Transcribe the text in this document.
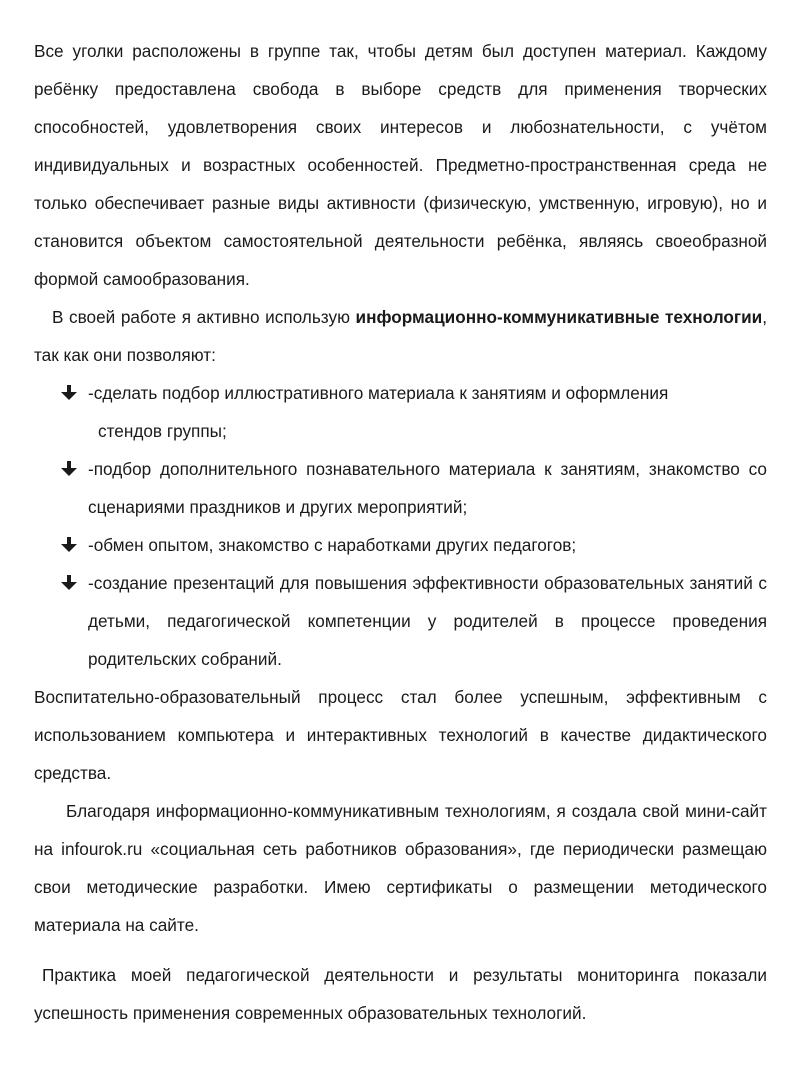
Все уголки расположены в группе так, чтобы детям был доступен материал. Каждому ребёнку предоставлена свобода в выборе средств для применения творческих способностей, удовлетворения своих интересов и любознательности, с учётом индивидуальных и возрастных особенностей. Предметно-пространственная среда не только обеспечивает разные виды активности (физическую, умственную, игровую), но и становится объектом самостоятельной деятельности ребёнка, являясь своеобразной формой самообразования.

В своей работе я активно использую информационно-коммуникативные технологии, так как они позволяют:

-сделать подбор иллюстративного материала к занятиям и оформления
стендов группы;
-подбор дополнительного познавательного материала к занятиям, знакомство со сценариями праздников и других мероприятий;
-обмен опытом, знакомство с наработками других педагогов;
-создание презентаций для повышения эффективности образовательных занятий с детьми, педагогической компетенции у родителей в процессе проведения родительских собраний.

Воспитательно-образовательный процесс стал более успешным, эффективным с использованием компьютера и интерактивных технологий в качестве дидактического средства.

Благодаря информационно-коммуникативным технологиям, я создала свой мини-сайт на infourok.ru «социальная сеть работников образования», где периодически размещаю свои методические разработки. Имею сертификаты о размещении методического материала на сайте.

Практика моей педагогической деятельности и результаты мониторинга показали успешность применения современных образовательных технологий.
